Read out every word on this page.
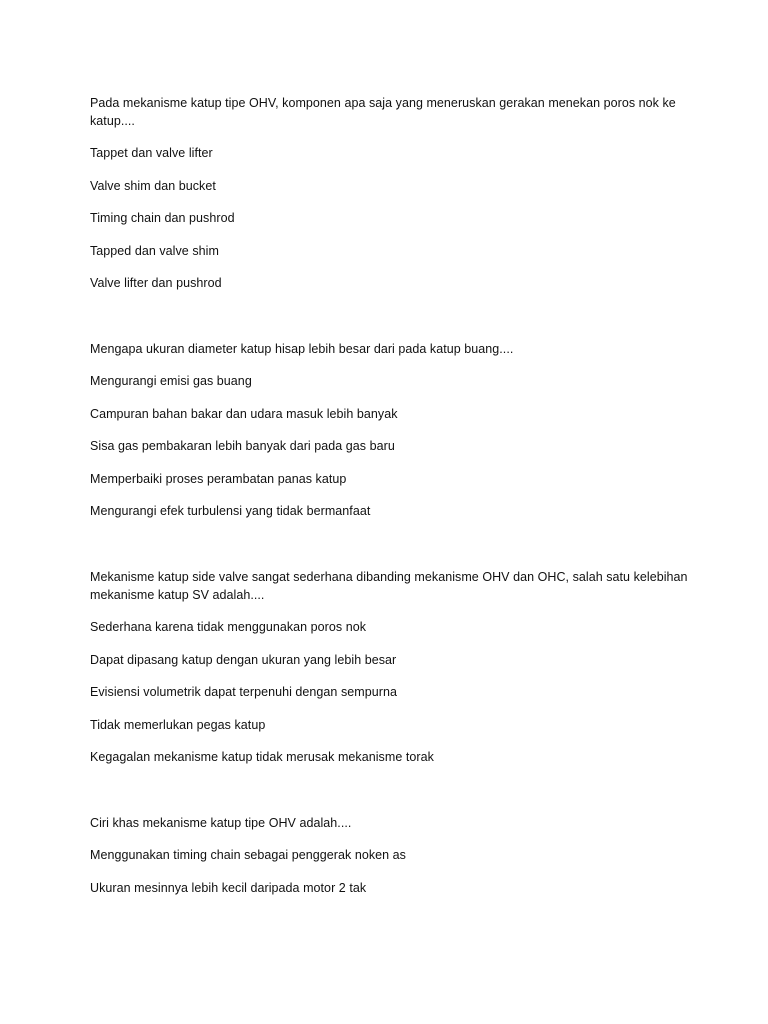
Pada mekanisme katup tipe OHV, komponen apa saja yang meneruskan gerakan menekan poros nok ke katup....

Tappet dan valve lifter

Valve shim dan bucket

Timing chain dan pushrod

Tapped dan valve shim

Valve lifter dan pushrod

Mengapa ukuran diameter katup hisap lebih besar dari pada katup buang....

Mengurangi emisi gas buang

Campuran bahan bakar dan udara masuk lebih banyak

Sisa gas pembakaran lebih banyak dari pada gas baru

Memperbaiki proses perambatan panas katup

Mengurangi efek turbulensi yang tidak bermanfaat

Mekanisme katup side valve sangat sederhana dibanding mekanisme OHV dan OHC, salah satu kelebihan mekanisme katup SV adalah....

Sederhana karena tidak menggunakan poros nok

Dapat dipasang katup dengan ukuran yang lebih besar

Evisiensi volumetrik dapat terpenuhi dengan sempurna

Tidak memerlukan pegas katup

Kegagalan mekanisme katup tidak merusak mekanisme torak

Ciri khas mekanisme katup tipe OHV adalah....

Menggunakan timing chain sebagai penggerak noken as

Ukuran mesinnya lebih kecil daripada motor 2 tak
